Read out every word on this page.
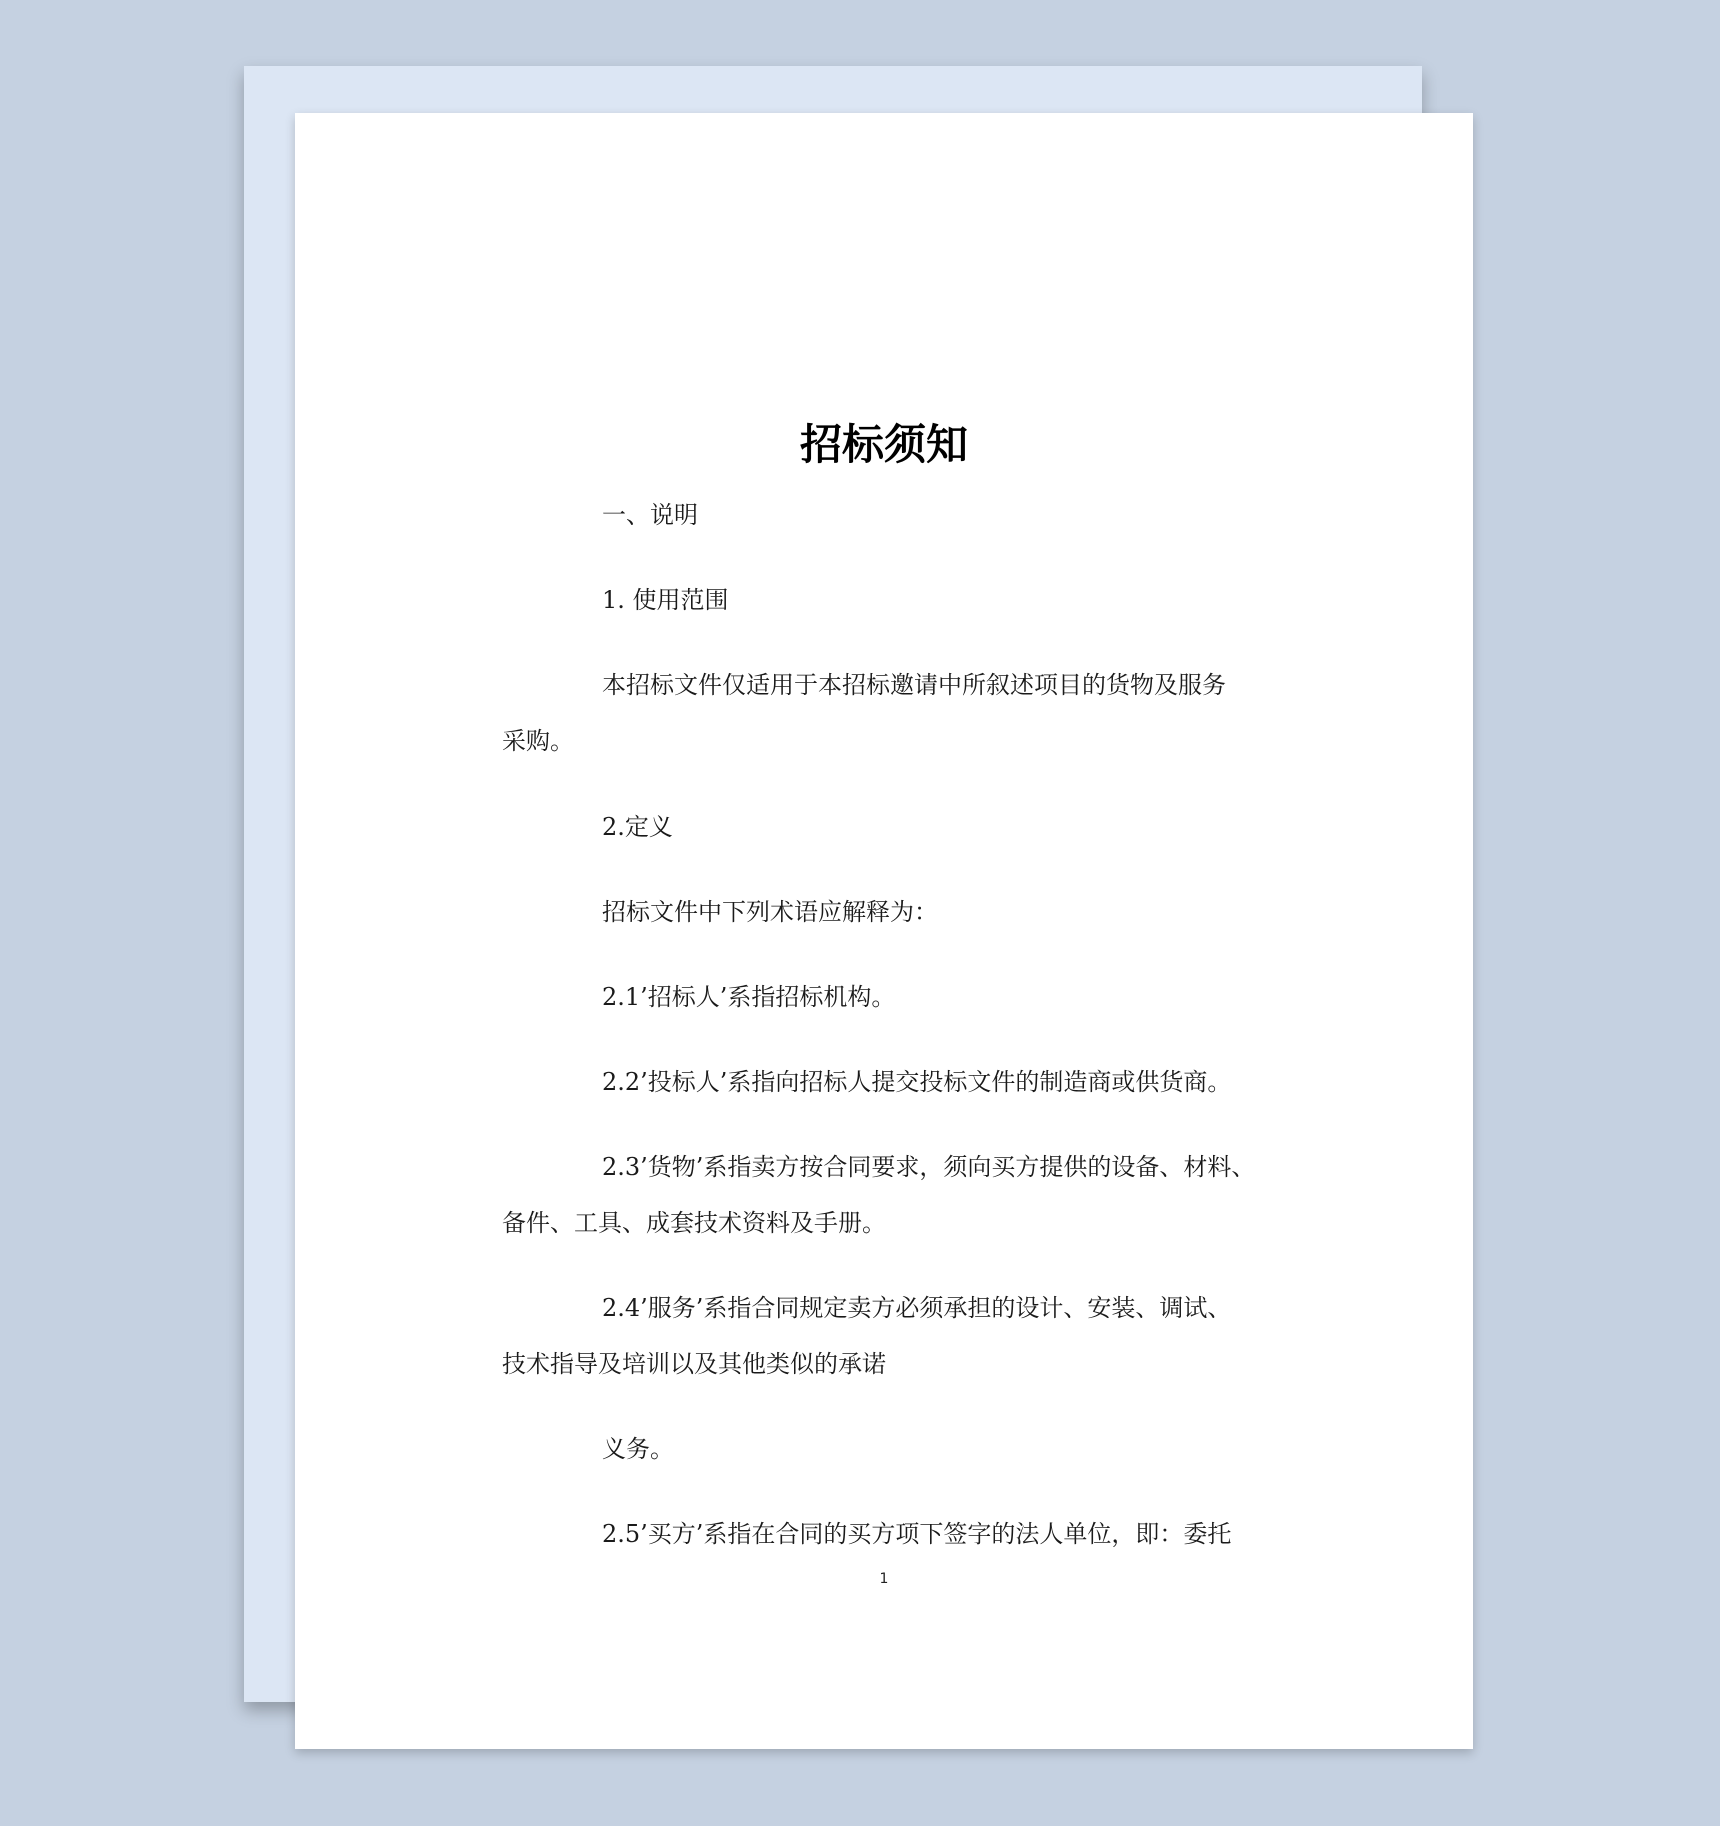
招标须知
一、说明
1. 使用范围
本招标文件仅适用于本招标邀请中所叙述项目的货物及服务
采购。
2.定义
招标文件中下列术语应解释为：
2.1’招标人’系指招标机构。
2.2’投标人’系指向招标人提交投标文件的制造商或供货商。
2.3’货物’系指卖方按合同要求，须向买方提供的设备、材料、
备件、工具、成套技术资料及手册。
2.4’服务’系指合同规定卖方必须承担的设计、安装、调试、
技术指导及培训以及其他类似的承诺
义务。
2.5’买方’系指在合同的买方项下签字的法人单位，即：委托
1
